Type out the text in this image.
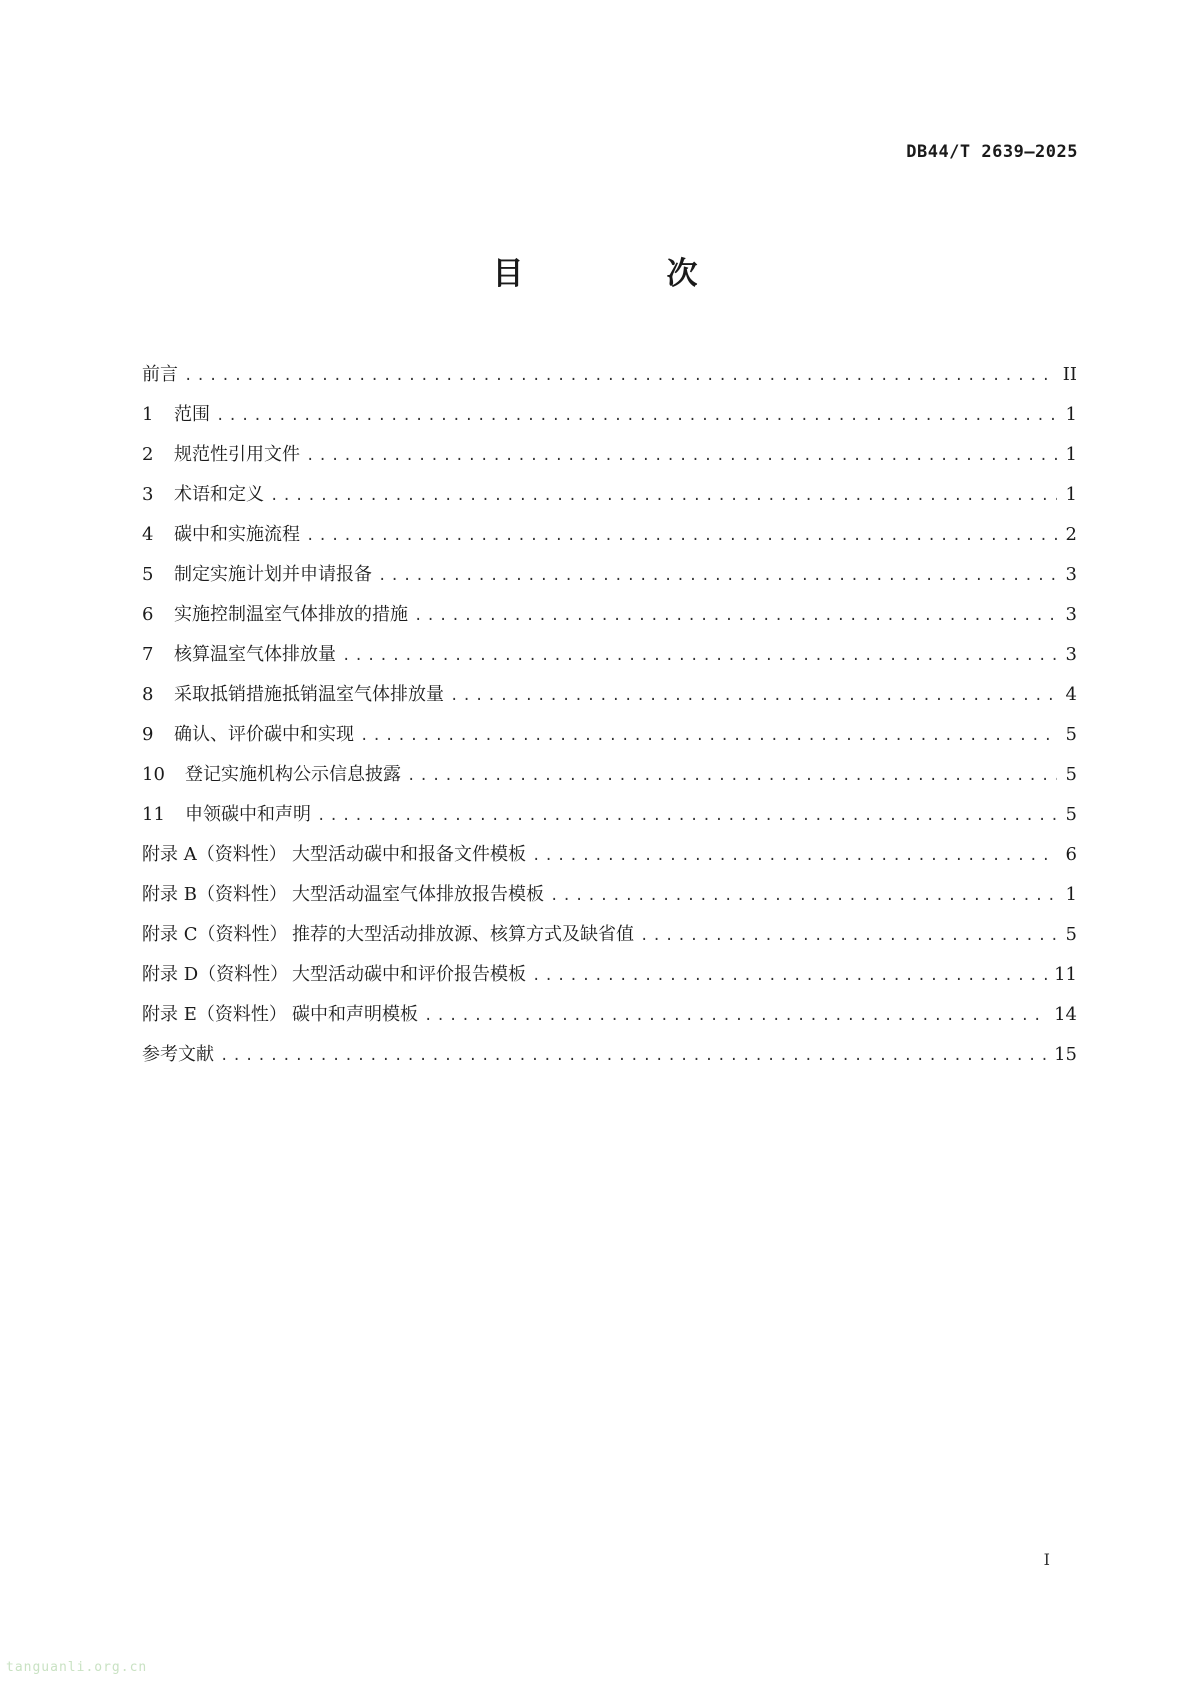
DB44/T 2639—2025
目　次
前言 .....	II
1	范围 .....	1
2	规范性引用文件 .....	1
3	术语和定义 .....	1
4	碳中和实施流程 .....	2
5	制定实施计划并申请报备 .....	3
6	实施控制温室气体排放的措施 .....	3
7	核算温室气体排放量 .....	3
8	采取抵销措施抵销温室气体排放量 .....	4
9	确认、评价碳中和实现 .....	5
10	登记实施机构公示信息披露 .....	5
11	申领碳中和声明 .....	5
附录 A（资料性） 大型活动碳中和报备文件模板 .....	6
附录 B（资料性） 大型活动温室气体排放报告模板 .....	1
附录 C（资料性） 推荐的大型活动排放源、核算方式及缺省值 .....	5
附录 D（资料性） 大型活动碳中和评价报告模板 .....	11
附录 E（资料性） 碳中和声明模板 .....	14
参考文献 .....	15
I
tanguanli.org.cn
